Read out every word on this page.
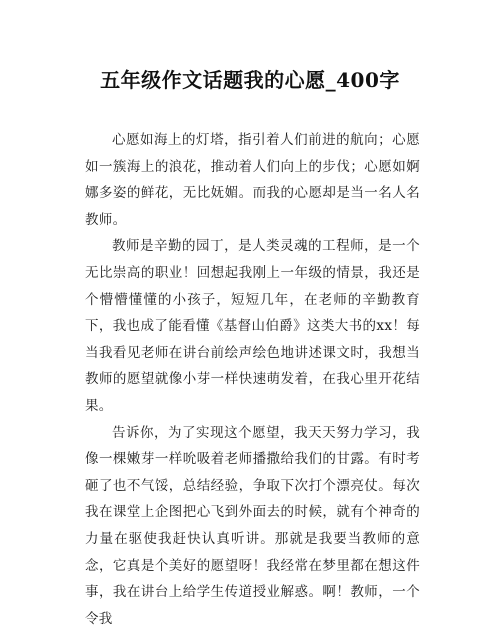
五年级作文话题我的心愿_400字

心愿如海上的灯塔，指引着人们前进的航向；心愿如一簇海上的浪花，推动着人们向上的步伐；心愿如婀娜多姿的鲜花，无比妩媚。而我的心愿却是当一名人名教师。

教师是辛勤的园丁，是人类灵魂的工程师，是一个无比崇高的职业！回想起我刚上一年级的情景，我还是个懵懵懂懂的小孩子，短短几年，在老师的辛勤教育下，我也成了能看懂《基督山伯爵》这类大书的xx！每当我看见老师在讲台前绘声绘色地讲述课文时，我想当教师的愿望就像小芽一样快速萌发着，在我心里开花结果。

告诉你，为了实现这个愿望，我天天努力学习，我像一棵嫩芽一样吮吸着老师播撒给我们的甘露。有时考砸了也不气馁，总结经验，争取下次打个漂亮仗。每次我在课堂上企图把心飞到外面去的时候，就有个神奇的力量在驱使我赶快认真听讲。那就是我要当教师的意念，它真是个美好的愿望呀！我经常在梦里都在想这件事，我在讲台上给学生传道授业解惑。啊！教师，一个令我
